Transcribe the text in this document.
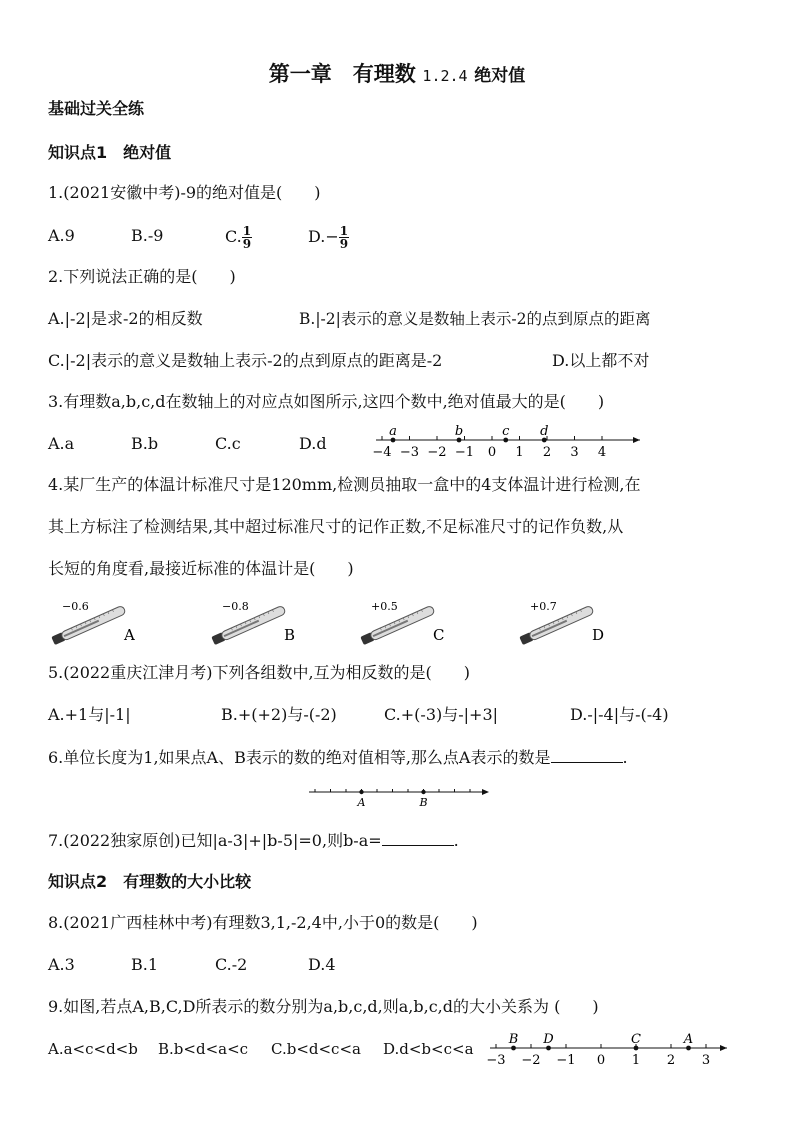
第一章　有理数 1.2.4 绝对值
基础过关全练
知识点1　绝对值
1.(2021安徽中考)-9的绝对值是(　　)
A.9	B.-9	C. $\frac{1}{9}$	$D.- \frac{1}{9}$
2.下列说法正确的是(　　)
A.|-2|是求-2的相反数	B.|-2|表示的意义是数轴上表示-2的点到原点的距离
C.|-2|表示的意义是数轴上表示-2的点到原点的距离是-2	D.以上都不对
3.有理数a,b,c,d在数轴上的对应点如图所示,这四个数中,绝对值最大的是(　　)
A.a	B.b	C.c	D.d	−4 −3 −2 −1 0 1 2 3 4
a	b	c d
4.某厂生产的体温计标准尺寸是120mm,检测员抽取一盒中的4支体温计进行检测,在
其上方标注了检测结果,其中超过标准尺寸的记作正数,不足标准尺寸的记作负数,从
长短的角度看,最接近标准的体温计是(　　)
−0.6
A
−0.8
B
+0.5
C
+0.7
D
5.(2022重庆江津月考)下列各组数中,互为相反数的是(　　)
A.+1与|-1|	B.+(+2)与-(-2)	C.+(-3)与-|+3|	D.-|-4|与-(-4)
6.单位长度为1,如果点A、B表示的数的绝对值相等,那么点A表示的数是	.
A	B
7.(2022独家原创)已知|a-3|+|b-5|=0,则b-a=	.
知识点2　有理数的大小比较
8.(2021广西桂林中考)有理数3,1,-2,4中,小于0的数是(　　)
A.3	B.1	C.-2	D.4
9.如图,若点A,B,C,D所表示的数分别为a,b,c,d,则a,b,c,d的大小关系为 (　　)
A.a<c<d<b B.b<d<a<c C.b<d<c<a D.d<b<c<a
−3 −2 −1 0 1 2 3
B D	C	A
